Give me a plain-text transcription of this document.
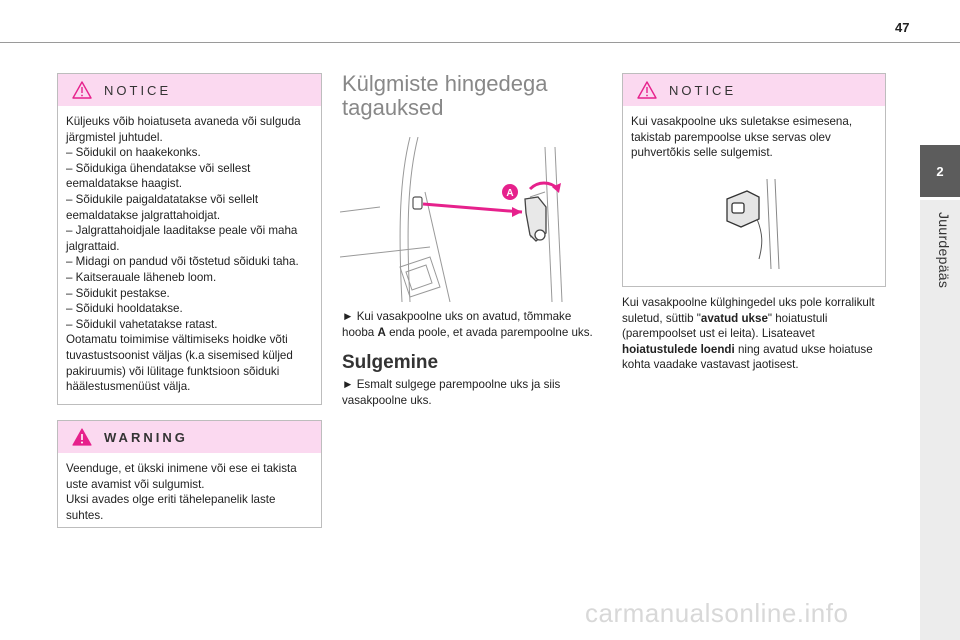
47
2
Juurdepääs
NOTICE
Küljeuks võib hoiatuseta avaneda või sulguda järgmistel juhtudel.
– Sõidukil on haakekonks.
– Sõidukiga ühendatakse või sellest eemaldatakse haagist.
– Sõidukile paigaldatatakse või sellelt eemaldatakse jalgrattahoidjat.
– Jalgrattahoidjale laaditakse peale või maha jalgrattaid.
– Midagi on pandud või tõstetud sõiduki taha.
– Kaitserauale läheneb loom.
– Sõidukit pestakse.
– Sõiduki hooldatakse.
– Sõidukil vahetatakse ratast.
Ootamatu toimimise vältimiseks hoidke võti tuvastustsoonist väljas (k.a sisemised küljed pakiruumis) või lülitage funktsioon sõiduki häälestusmenüüst välja.
WARNING
Veenduge, et ükski inimene või ese ei takista uste avamist või sulgumist.
Uksi avades olge eriti tähelepanelik laste suhtes.
Külgmiste hingedega tagauksed
A

► Kui vasakpoolne uks on avatud, tõmmake hooba A enda poole, et avada parempoolne uks.

Sulgemine

► Esmalt sulgege parempoolne uks ja siis vasakpoolne uks.

NOTICE
Kui vasakpoolne uks suletakse esimesena, takistab parempoolse ukse servas olev puhvertõkis selle sulgemist.

Kui vasakpoolne külghingedel uks pole korralikult suletud, süttib "avatud ukse" hoiatustuli (parempoolset ust ei leita). Lisateavet hoiatustulede loendi ning avatud ukse hoiatuse kohta vaadake vastavast jaotisest.

carmanualsonline.info
